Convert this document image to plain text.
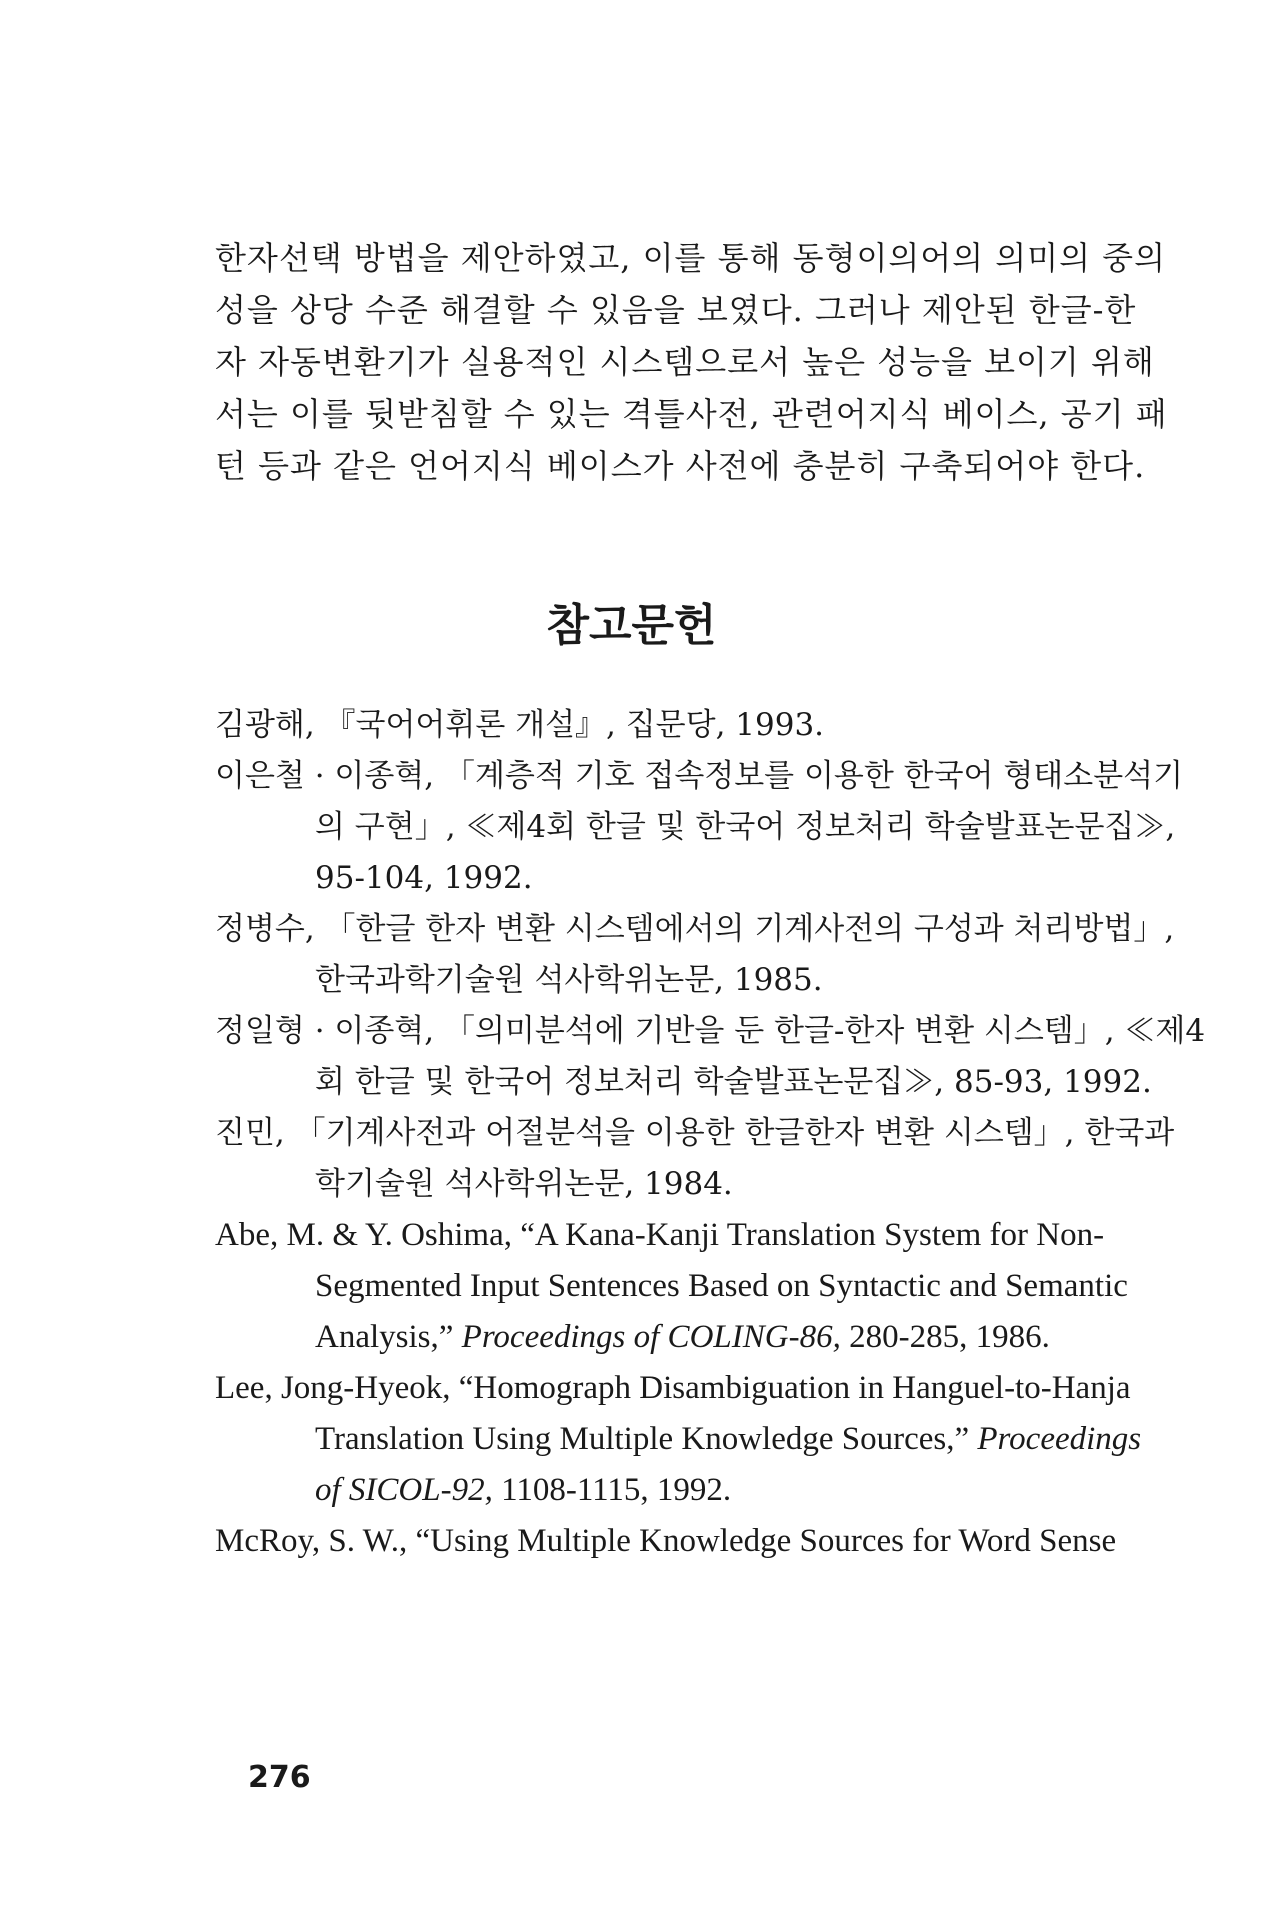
한자선택 방법을 제안하였고, 이를 통해 동형이의어의 의미의 중의
성을 상당 수준 해결할 수 있음을 보였다. 그러나 제안된 한글-한
자 자동변환기가 실용적인 시스템으로서 높은 성능을 보이기 위해
서는 이를 뒷받침할 수 있는 격틀사전, 관련어지식 베이스, 공기 패
턴 등과 같은 언어지식 베이스가 사전에 충분히 구축되어야 한다.
참고문헌
김광해, 『국어어휘론 개설』, 집문당, 1993.
이은철 · 이종혁, 「계층적 기호 접속정보를 이용한 한국어 형태소분석기
의 구현」, ≪제4회 한글 및 한국어 정보처리 학술발표논문집≫,
95-104, 1992.
정병수, 「한글 한자 변환 시스템에서의 기계사전의 구성과 처리방법」,
한국과학기술원 석사학위논문, 1985.
정일형 · 이종혁, 「의미분석에 기반을 둔 한글-한자 변환 시스템」, ≪제4
회 한글 및 한국어 정보처리 학술발표논문집≫, 85-93, 1992.
진민, 「기계사전과 어절분석을 이용한 한글한자 변환 시스템」, 한국과
학기술원 석사학위논문, 1984.
Abe, M. & Y. Oshima, “A Kana-Kanji Translation System for Non-
Segmented Input Sentences Based on Syntactic and Semantic
Analysis,” Proceedings of COLING-86, 280-285, 1986.
Lee, Jong-Hyeok, “Homograph Disambiguation in Hanguel-to-Hanja
Translation Using Multiple Knowledge Sources,” Proceedings
of SICOL-92, 1108-1115, 1992.
McRoy, S. W., “Using Multiple Knowledge Sources for Word Sense
276
